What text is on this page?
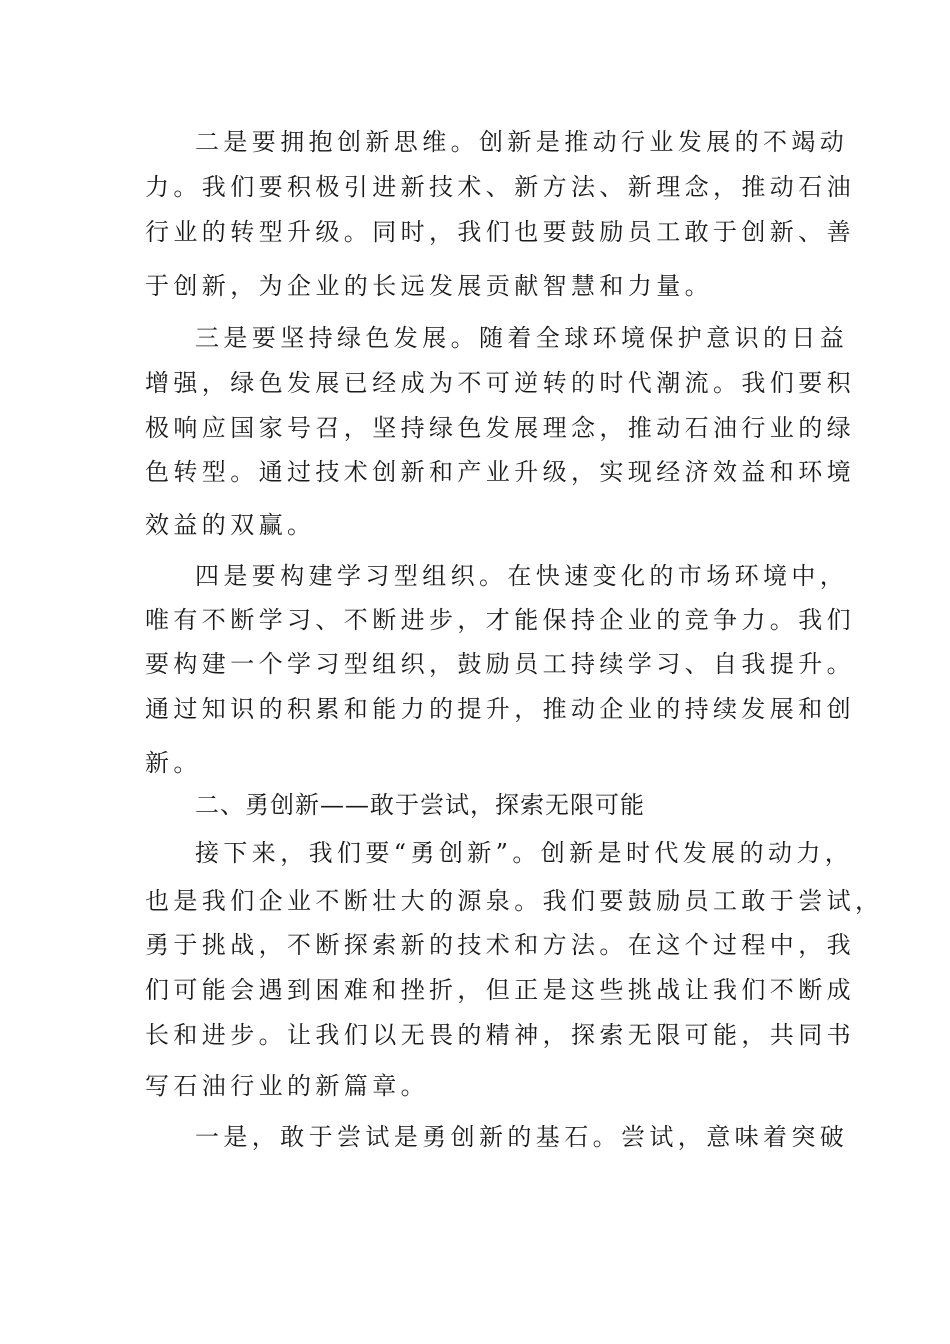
二是要拥抱创新思维。创新是推动行业发展的不竭动

力。我们要积极引进新技术、新方法、新理念，推动石油

行业的转型升级。同时，我们也要鼓励员工敢于创新、善

于创新，为企业的长远发展贡献智慧和力量。

三是要坚持绿色发展。随着全球环境保护意识的日益

增强，绿色发展已经成为不可逆转的时代潮流。我们要积

极响应国家号召，坚持绿色发展理念，推动石油行业的绿

色转型。通过技术创新和产业升级，实现经济效益和环境

效益的双赢。

四是要构建学习型组织。在快速变化的市场环境中，

唯有不断学习、不断进步，才能保持企业的竞争力。我们

要构建一个学习型组织，鼓励员工持续学习、自我提升。

通过知识的积累和能力的提升，推动企业的持续发展和创

新。

二、勇创新——敢于尝试，探索无限可能

接下来，我们要“勇创新”。创新是时代发展的动力，

也是我们企业不断壮大的源泉。我们要鼓励员工敢于尝试，

勇于挑战，不断探索新的技术和方法。在这个过程中，我

们可能会遇到困难和挫折，但正是这些挑战让我们不断成

长和进步。让我们以无畏的精神，探索无限可能，共同书

写石油行业的新篇章。

一是，敢于尝试是勇创新的基石。尝试，意味着突破
